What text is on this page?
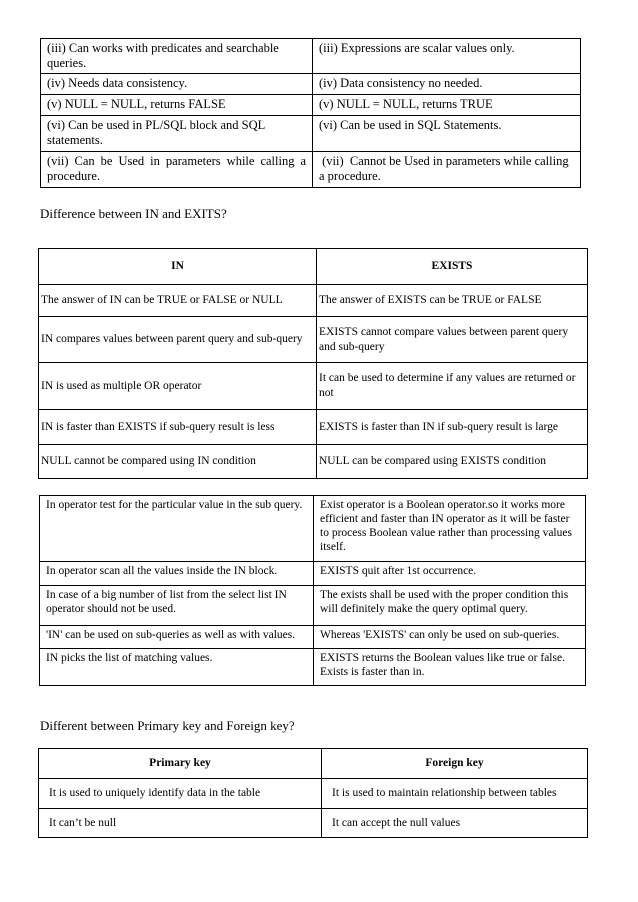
(iii) Can works with predicates and searchable queries.	(iii) Expressions are scalar values only.
(iv) Needs data consistency.	(iv) Data consistency no needed.
(v) NULL = NULL, returns FALSE	(v) NULL = NULL, returns TRUE
(vi) Can be used in PL/SQL block and SQL statements.	(vi) Can be used in SQL Statements.
(vii) Can be Used in parameters while calling a procedure.	(vii)  Cannot be Used in parameters while calling a procedure.
Difference between IN and EXITS?
IN	EXISTS
The answer of IN can be TRUE or FALSE or NULL	The answer of EXISTS can be TRUE or FALSE
IN compares values between parent query and sub-query	EXISTS cannot compare values between parent query and sub-query
IN is used as multiple OR operator	It can be used to determine if any values are returned or not
IN is faster than EXISTS if sub-query result is less	EXISTS is faster than IN if sub-query result is large
NULL cannot be compared using IN condition	NULL can be compared using EXISTS condition
In operator test for the particular value in the sub query.	Exist operator is a Boolean operator.so it works more efficient and faster than IN operator as it will be faster to process Boolean value rather than processing values itself.
In operator scan all the values inside the IN block.	EXISTS quit after 1st occurrence.
In case of a big number of list from the select list IN operator should not be used.	The exists shall be used with the proper condition this will definitely make the query optimal query.
'IN' can be used on sub-queries as well as with values.	Whereas 'EXISTS' can only be used on sub-queries.
IN picks the list of matching values.	EXISTS returns the Boolean values like true or false. Exists is faster than in.
Different between Primary key and Foreign key?
Primary key	Foreign key
It is used to uniquely identify data in the table	It is used to maintain relationship between tables
It can’t be null	It can accept the null values
